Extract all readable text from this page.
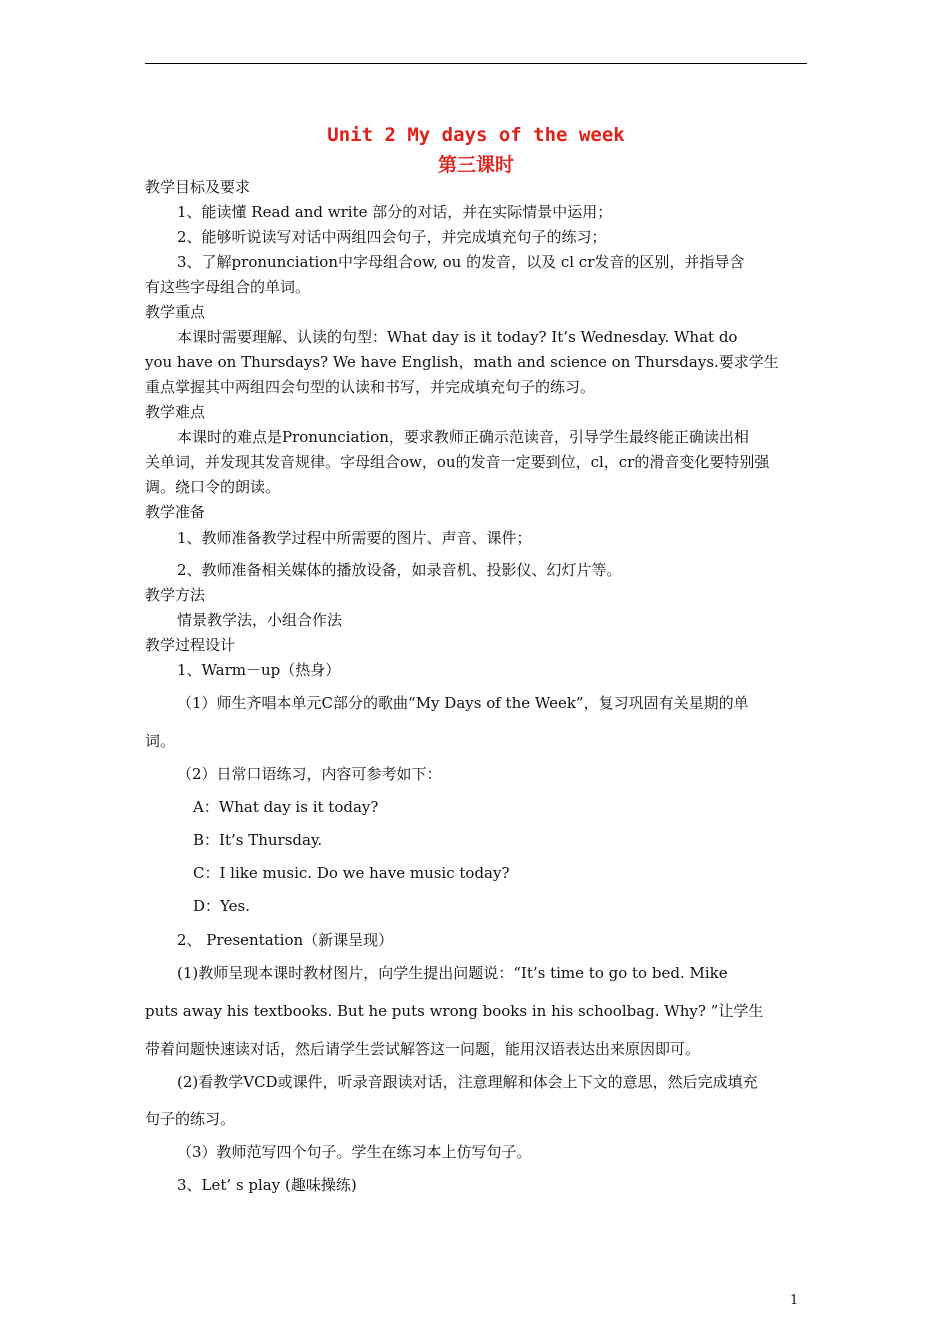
Unit 2 My days of the week
第三课时
教学目标及要求
1、能读懂 Read and write 部分的对话，并在实际情景中运用；
2、能够听说读写对话中两组四会句子，并完成填充句子的练习；
3、了解pronunciation中字母组合ow, ou 的发音，以及 cl cr发音的区别，并指导含
有这些字母组合的单词。
教学重点
本课时需要理解、认读的句型：What day is it today? It’s Wednesday. What do
you have on Thursdays? We have English，math and science on Thursdays.要求学生
重点掌握其中两组四会句型的认读和书写，并完成填充句子的练习。
教学难点
本课时的难点是Pronunciation，要求教师正确示范读音，引导学生最终能正确读出相
关单词，并发现其发音规律。字母组合ow，ou的发音一定要到位，cl，cr的滑音变化要特别强
调。绕口令的朗读。
教学准备
1、教师准备教学过程中所需要的图片、声音、课件；
2、教师准备相关媒体的播放设备，如录音机、投影仪、幻灯片等。
教学方法
情景教学法，小组合作法
教学过程设计
1、Warm－up（热身）
（1）师生齐唱本单元C部分的歌曲“My Days of the Week”，复习巩固有关星期的单
词。
（2）日常口语练习，内容可参考如下：
A：What day is it today?
B：It’s Thursday.
C：I like music. Do we have music today?
D：Yes.
2、 Presentation（新课呈现）
(1)教师呈现本课时教材图片，向学生提出问题说：“It’s time to go to bed. Mike
puts away his textbooks. But he puts wrong books in his schoolbag. Why? ”让学生
带着问题快速读对话，然后请学生尝试解答这一问题，能用汉语表达出来原因即可。
(2)看教学VCD或课件，听录音跟读对话，注意理解和体会上下文的意思，然后完成填充
句子的练习。
（3）教师范写四个句子。学生在练习本上仿写句子。
3、Let’ s play (趣味操练)
1
